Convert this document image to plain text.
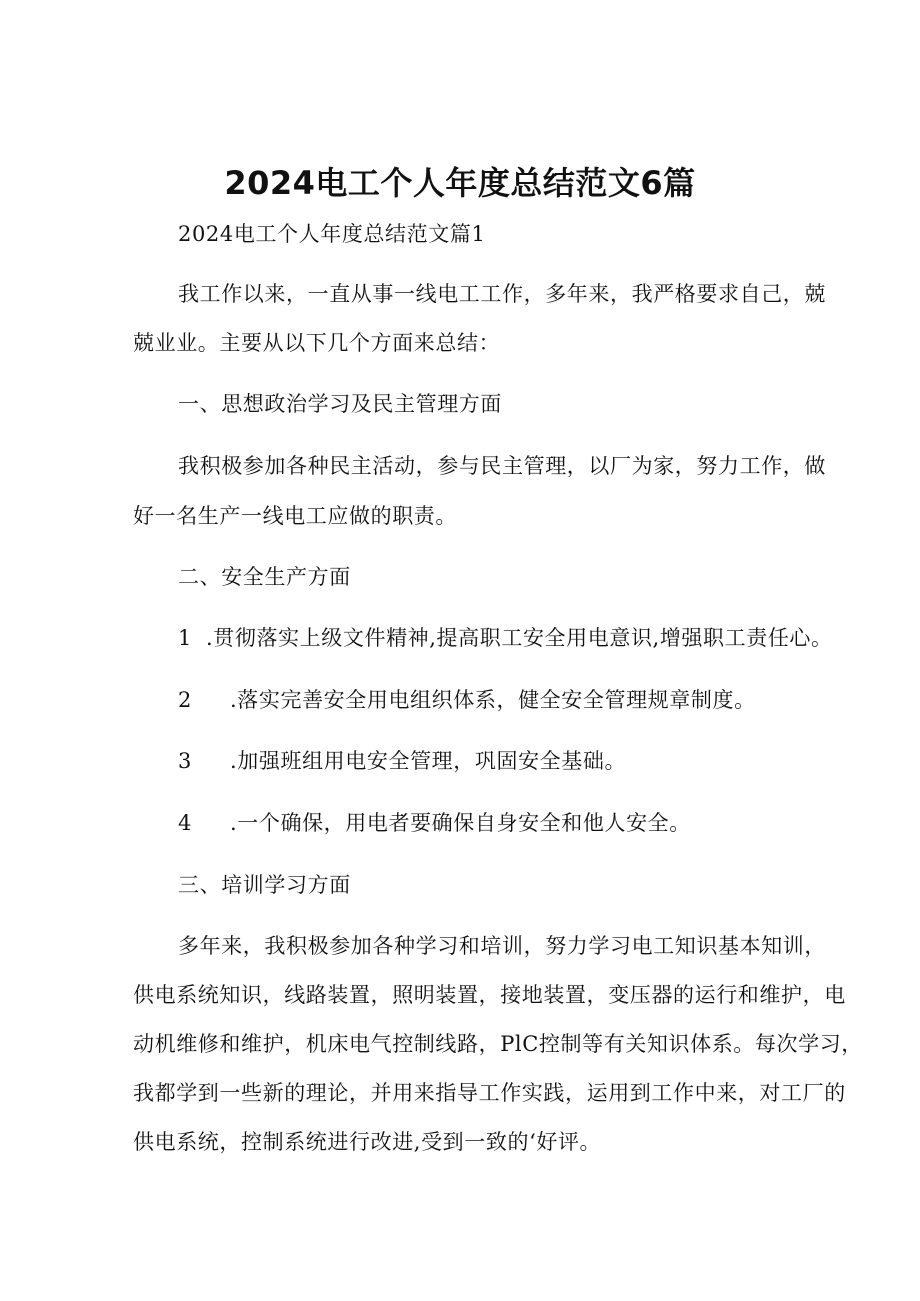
2024电工个人年度总结范文6篇

2024电工个人年度总结范文篇1

我工作以来，一直从事一线电工工作，多年来，我严格要求自己，兢

兢业业。主要从以下几个方面来总结：

一、思想政治学习及民主管理方面

我积极参加各种民主活动，参与民主管理，以厂为家，努力工作，做

好一名生产一线电工应做的职责。

二、安全生产方面

1 .贯彻落实上级文件精神,提高职工安全用电意识,增强职工责任心。

2 .落实完善安全用电组织体系，健全安全管理规章制度。

3 .加强班组用电安全管理，巩固安全基础。

4 .一个确保，用电者要确保自身安全和他人安全。

三、培训学习方面

多年来，我积极参加各种学习和培训，努力学习电工知识基本知训，

供电系统知识，线路装置，照明装置，接地装置，变压器的运行和维护，电

动机维修和维护，机床电气控制线路，PlC控制等有关知识体系。每次学习，

我都学到一些新的理论，并用来指导工作实践，运用到工作中来，对工厂的

供电系统，控制系统进行改进,受到一致的‘好评。
